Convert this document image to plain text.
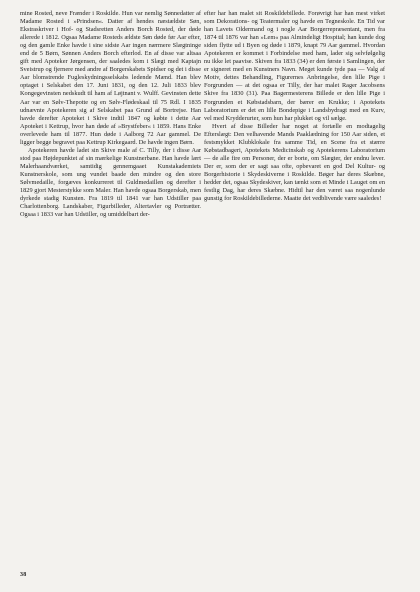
mine Rosted, neve Frænder i Roskilde. Hun var nemlig Sønnedatter af Madame Rosted i »Prindsen«. Datter af hendes næstældste Søn, Ekstraskriver i Hof- og Stadsretten Anders Borch Rosted, der døde allerede i 1812. Ogsaa Madame Rosteds ældste Søn døde før Aar efter, og den gamle Enke havde i sine sidste Aar ingen nærmere Slægtninge end de 5 Børn, Sønnen Anders Borch efterlod. En af disse var altsaa gift med Apoteker Jørgensen, der saaledes kom i Slægt med Kaptajn Sveistrup og fjernere med andre af Borgerskabets Spidser og det i disse Aar blomstrende Fugleskydningsselskabs ledende Mænd. Han blev optaget i Selskabet den 17. Juni 1831, og den 12. Juli 1833 blev Kongegevinsten nedskudt til ham af Løjtnant v. Wulff. Gevinsten dette Aar var en Sølv-Thepotte og en Sølv-Flødeskaal til 75 Rdl. I 1835 udnævnte Apotekeren sig af Selskabet paa Grund af Bortrejse. Han havde derefter Apoteket i Skive indtil 1847 og købte i dette Aar Apoteket i Kettrup, hvor han døde af »Brystfeber« i 1859. Hans Enke overlevede ham til 1877. Hun døde i Aalborg 72 Aar gammel. De ligger begge begravet paa Kettrup Kirkegaard. De havde ingen Børn.

Apotekeren havde ladet sin Skive male af C. Tilly, der i disse Aar stod paa Højdepunktet af sin mærkelige Kunstnerbane. Han havde lært Malerhaandværket, samtidig gennemgaaet Kunstakademiets Kunstnerskole, som ung vundet baade den mindre og den store Sølvmedaille, forgæves konkurreret til Guldmedaillen og derefter i 1829 gjort Mesterstykke som Maler. Han havde ogsaa Borgerskab, men dyrkede stadig Kunsten. Fra 1819 til 1841 var han Udstiller paa Charlottenborg. Landskaber, Figurbilleder, Altertavler og Portrætter. Ogsaa i 1833 var han Udstiller, og umiddelbart der-

efter har han malet sit Roskildebillede. Forøvrigt har han mest virket som Dekorations- og Teatermaler og havde en Tegneskole. En Tid var han Lavets Oldermand og i nogle Aar Borgerrepræsentant, men fra 1874 til 1876 var han »Lem« paa Almindeligt Hospital; han kunde dog siden flytte ud i Byen og døde i 1879, knapt 79 Aar gammel. Hvordan Apotekeren er kommet i Forbindelse med ham, lader sig selvfølgelig nu ikke let paavise. Skiven fra 1833 (34) er den første i Samlingen, der er signeret med en Kunstners Navn. Meget kunde tyde paa — Valg af Motiv, dettes Behandling, Figurernes Anbringelse, den lille Pige i Forgrunden — at det ogsaa er Tilly, der har malet Rager Jacobsens Skive fra 1830 (31). Paa Bagermesterens Billede er den lille Pige i Forgrunden et Købstadsbarn, der bærer en Krukke; i Apotekets Laboratorium er det en lille Bondepige i Landsbydragt med en Kurv, vel med Krydderurter, som hun har plukket og vil sælge.

Hvert af disse Billeder har noget at fortælle en modtagelig Efterslægt: Den velhavende Mands Paaklædning for 150 Aar siden, et festsmykket Klubklokale fra samme Tid, en Scene fra et stærre Købstadbageri, Apotekets Medicinskab og Apotekerens Laboratorium — de alle fire om Personer, der er borte, om Slægter, der endnu lever. Der er, som der er sagt saa ofte, opbevaret en god Del Kultur- og Borgerhistorie i Skydeskiverne i Roskilde. Bøger har deres Skæbne, hedder det, ogsaa Skydeskiver, kan tænkt som et Minde i Lauget om en festlig Dag, har deres Skæbne. Hidtil har den været saa nogenlunde gunstig for Roskildebillederne. Maatte det vedblivende være saaledes!

38
